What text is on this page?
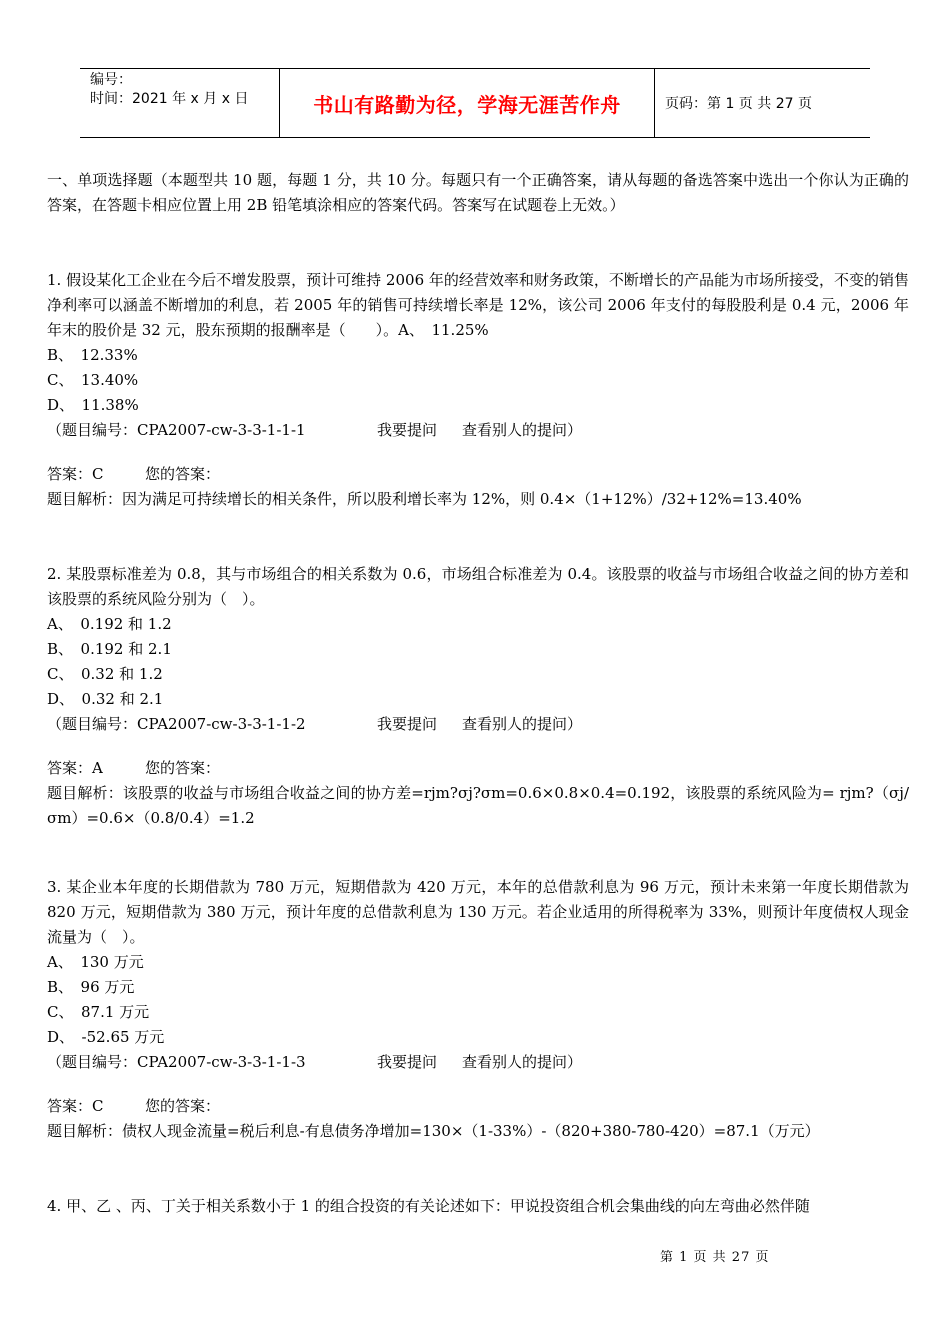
编号：
时间：2021 年 x 月 x 日	书山有路勤为径，学海无涯苦作舟	页码：第 1 页 共 27 页

一、单项选择题（本题型共 10 题，每题 1 分，共 10 分。每题只有一个正确答案，请从每题的备选答案中选出一个你认为正确的答案，在答题卡相应位置上用 2B 铅笔填涂相应的答案代码。答案写在试题卷上无效。）

1. 假设某化工企业在今后不增发股票，预计可维持 2006 年的经营效率和财务政策，不断增长的产品能为市场所接受，不变的销售净利率可以涵盖不断增加的利息，若 2005 年的销售可持续增长率是 12%，该公司 2006 年支付的每股股利是 0.4 元，2006 年年末的股价是 32 元，股东预期的报酬率是（　　）。A、　11.25%

B、　12.33%

C、　13.40%

D、　11.38%

（题目编号：CPA2007-cw-3-3-1-1-1	我要提问 查看别人的提问）

答案：C	您的答案：

题目解析：因为满足可持续增长的相关条件，所以股利增长率为 12%，则 0.4×（1+12%）/32+12%=13.40%

2. 某股票标准差为 0.8，其与市场组合的相关系数为 0.6，市场组合标准差为 0.4。该股票的收益与市场组合收益之间的协方差和该股票的系统风险分别为（　）。

A、　0.192 和 1.2

B、　0.192 和 2.1

C、　0.32 和 1.2

D、　0.32 和 2.1

（题目编号：CPA2007-cw-3-3-1-1-2	我要提问 查看别人的提问）

答案：A	您的答案：

题目解析：该股票的收益与市场组合收益之间的协方差=rjm?σj?σm=0.6×0.8×0.4=0.192，该股票的系统风险为= rjm?（σj/σm）=0.6×（0.8/0.4）=1.2

3. 某企业本年度的长期借款为 780 万元，短期借款为 420 万元，本年的总借款利息为 96 万元，预计未来第一年度长期借款为 820 万元，短期借款为 380 万元，预计年度的总借款利息为 130 万元。若企业适用的所得税率为 33%，则预计年度债权人现金流量为（　）。

A、　130 万元

B、　96 万元

C、　87.1 万元

D、　-52.65 万元

（题目编号：CPA2007-cw-3-3-1-1-3	我要提问 查看别人的提问）

答案：C	您的答案：

题目解析：债权人现金流量=税后利息-有息债务净增加=130×（1-33%）-（820+380-780-420）=87.1（万元）

4. 甲、乙 、丙、丁关于相关系数小于 1 的组合投资的有关论述如下：甲说投资组合机会集曲线的向左弯曲必然伴随

第 1 页 共 27 页
